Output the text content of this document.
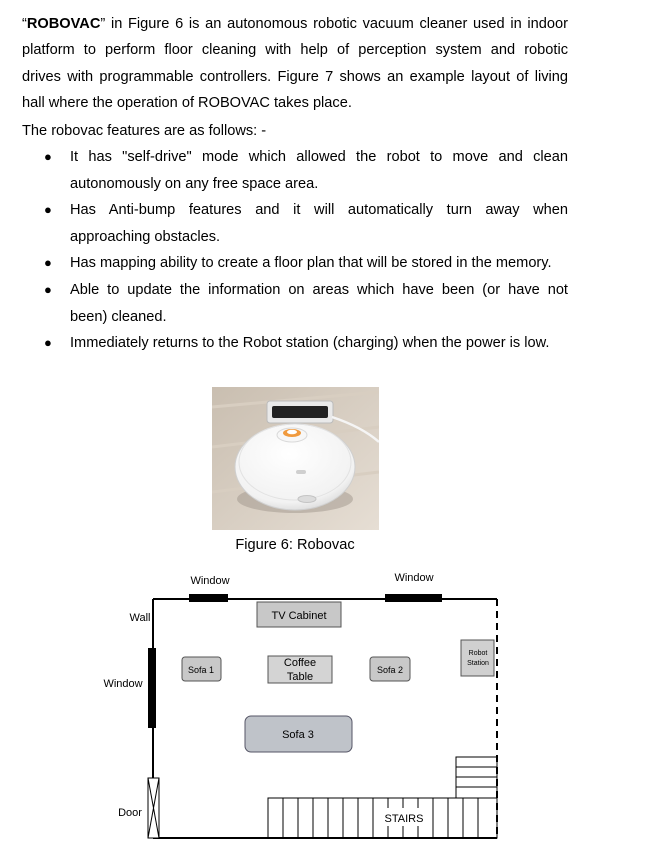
“ROBOVAC” in Figure 6 is an autonomous robotic vacuum cleaner used in indoor
platform to perform floor cleaning with help of perception system and robotic
drives with programmable controllers. Figure 7 shows an example layout of living
hall where the operation of ROBOVAC takes place.

The robovac features are as follows: -

● It has "self-drive" mode which allowed the robot to move and clean
autonomously on any free space area.
● Has Anti-bump features and it will automatically turn away when
approaching obstacles.
● Has mapping ability to create a floor plan that will be stored in the memory.
● Able to update the information on areas which have been (or have not
been) cleaned.
● Immediately returns to the Robot station (charging) when the power is low.
Figure 6: Robovac
Window	Window
Wall
Window
Door
TV Cabinet
Sofa 1
Coffee
Table
Sofa 2
Sofa 3
Robot
Station
STAIRS
